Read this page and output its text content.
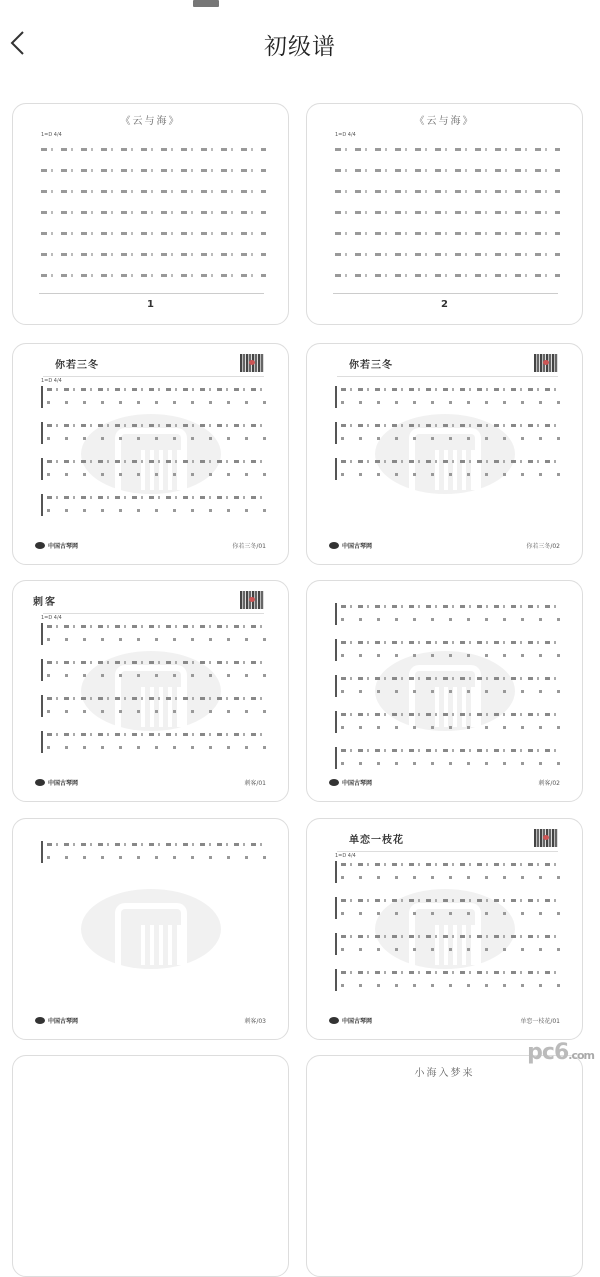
初级谱
《云与海》
1=D 4/4
1
《云与海》
1=D 4/4
2
你若三冬
1=D 4/4
中国古琴网	你若三冬/01
你若三冬
中国古琴网	你若三冬/02
刺客
1=D 4/4
中国古琴网	刺客/01	中国古琴网	刺客/02
中国古琴网	刺客/03
单恋一枝花
1=D 4/4
中国古琴网	单恋一枝花/01
小海入梦来
pc6.com
